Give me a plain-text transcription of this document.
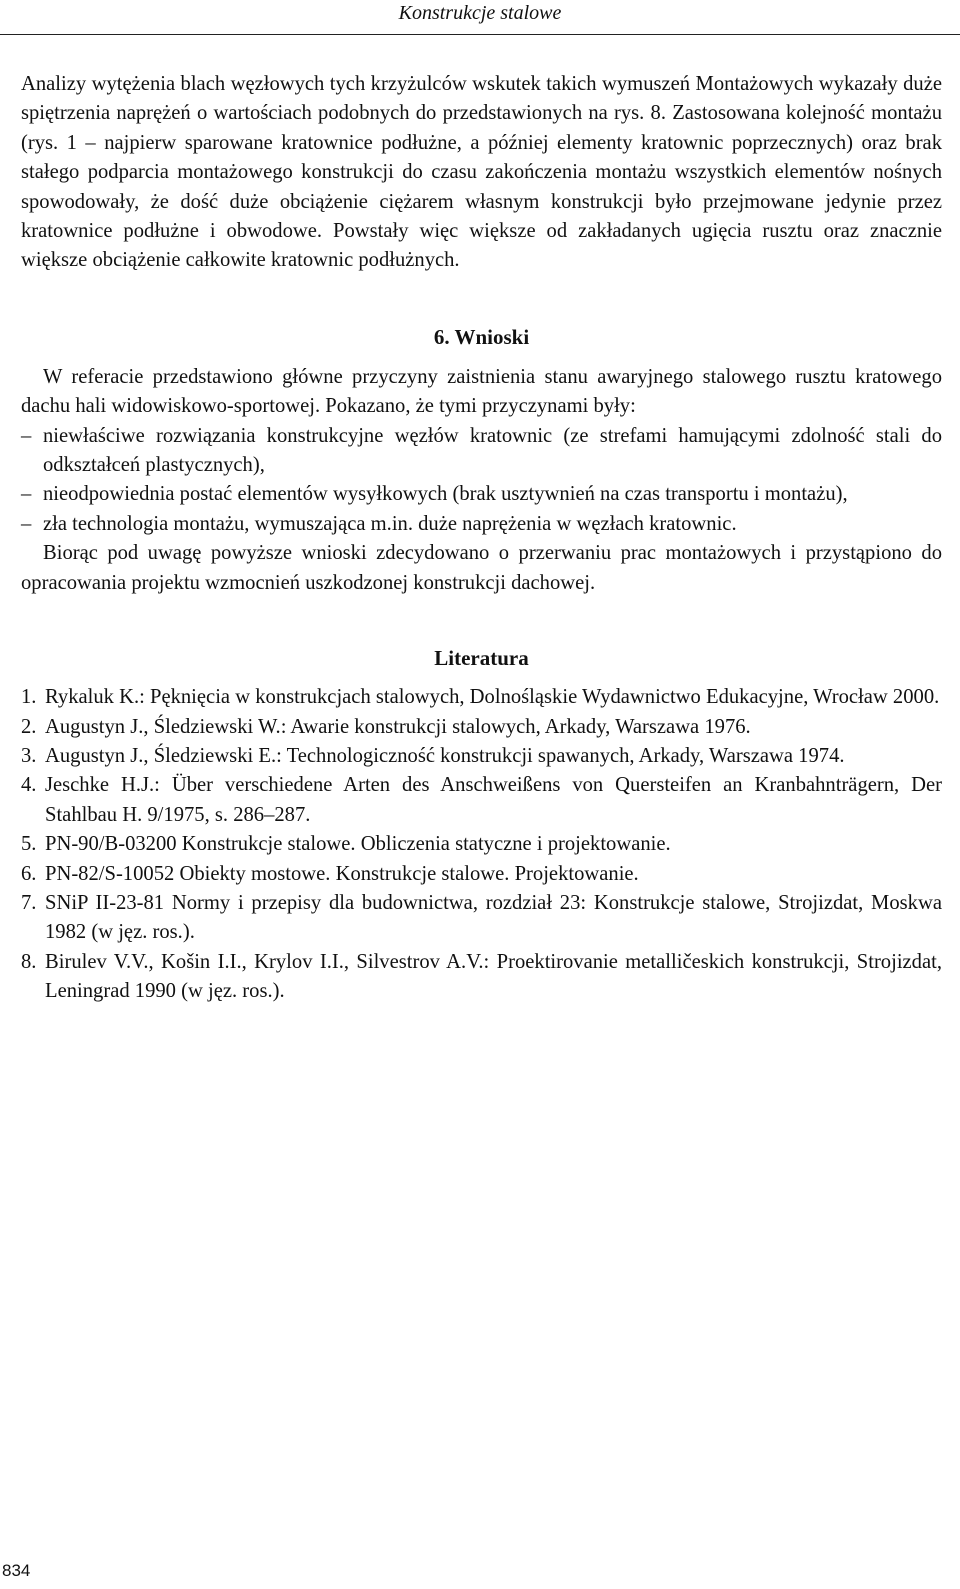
Konstrukcje stalowe

Analizy wytężenia blach węzłowych tych krzyżulców wskutek takich wymuszeń Montażowych wykazały duże spiętrzenia naprężeń o wartościach podobnych do przedstawionych na rys. 8. Zastosowana kolejność montażu (rys. 1 – najpierw sparowane kratownice podłużne, a później elementy kratownic poprzecznych) oraz brak stałego podparcia montażowego konstrukcji do czasu zakończenia montażu wszystkich elementów nośnych spowodowały, że dość duże obciążenie ciężarem własnym konstrukcji było przejmowane jedynie przez kratownice podłużne i obwodowe. Powstały więc większe od zakładanych ugięcia rusztu oraz znacznie większe obciążenie całkowite kratownic podłużnych.

6. Wnioski

W referacie przedstawiono główne przyczyny zaistnienia stanu awaryjnego stalowego rusztu kratowego dachu hali widowiskowo-sportowej. Pokazano, że tymi przyczynami były:

– niewłaściwe rozwiązania konstrukcyjne węzłów kratownic (ze strefami hamującymi zdolność stali do odkształceń plastycznych),
– nieodpowiednia postać elementów wysyłkowych (brak usztywnień na czas transportu i montażu),
– zła technologia montażu, wymuszająca m.in. duże naprężenia w węzłach kratownic.

Biorąc pod uwagę powyższe wnioski zdecydowano o przerwaniu prac montażowych i przystąpiono do opracowania projektu wzmocnień uszkodzonej konstrukcji dachowej.

Literatura
1. Rykaluk K.: Pęknięcia w konstrukcjach stalowych, Dolnośląskie Wydawnictwo Edukacyjne, Wrocław 2000.
2. Augustyn J., Śledziewski W.: Awarie konstrukcji stalowych, Arkady, Warszawa 1976.
3. Augustyn J., Śledziewski E.: Technologiczność konstrukcji spawanych, Arkady, Warszawa 1974.
4. Jeschke H.J.: Über verschiedene Arten des Anschweißens von Quersteifen an Kranbahnträgern, Der Stahlbau H. 9/1975, s. 286–287.
5. PN-90/B-03200 Konstrukcje stalowe. Obliczenia statyczne i projektowanie.
6. PN-82/S-10052 Obiekty mostowe. Konstrukcje stalowe. Projektowanie.
7. SNiP II-23-81 Normy i przepisy dla budownictwa, rozdział 23: Konstrukcje stalowe, Strojizdat, Moskwa 1982 (w jęz. ros.).
8. Birulev V.V., Košin I.I., Krylov I.I., Silvestrov A.V.: Proektirovanie metalličeskich konstrukcji, Strojizdat, Leningrad 1990 (w jęz. ros.).
834
